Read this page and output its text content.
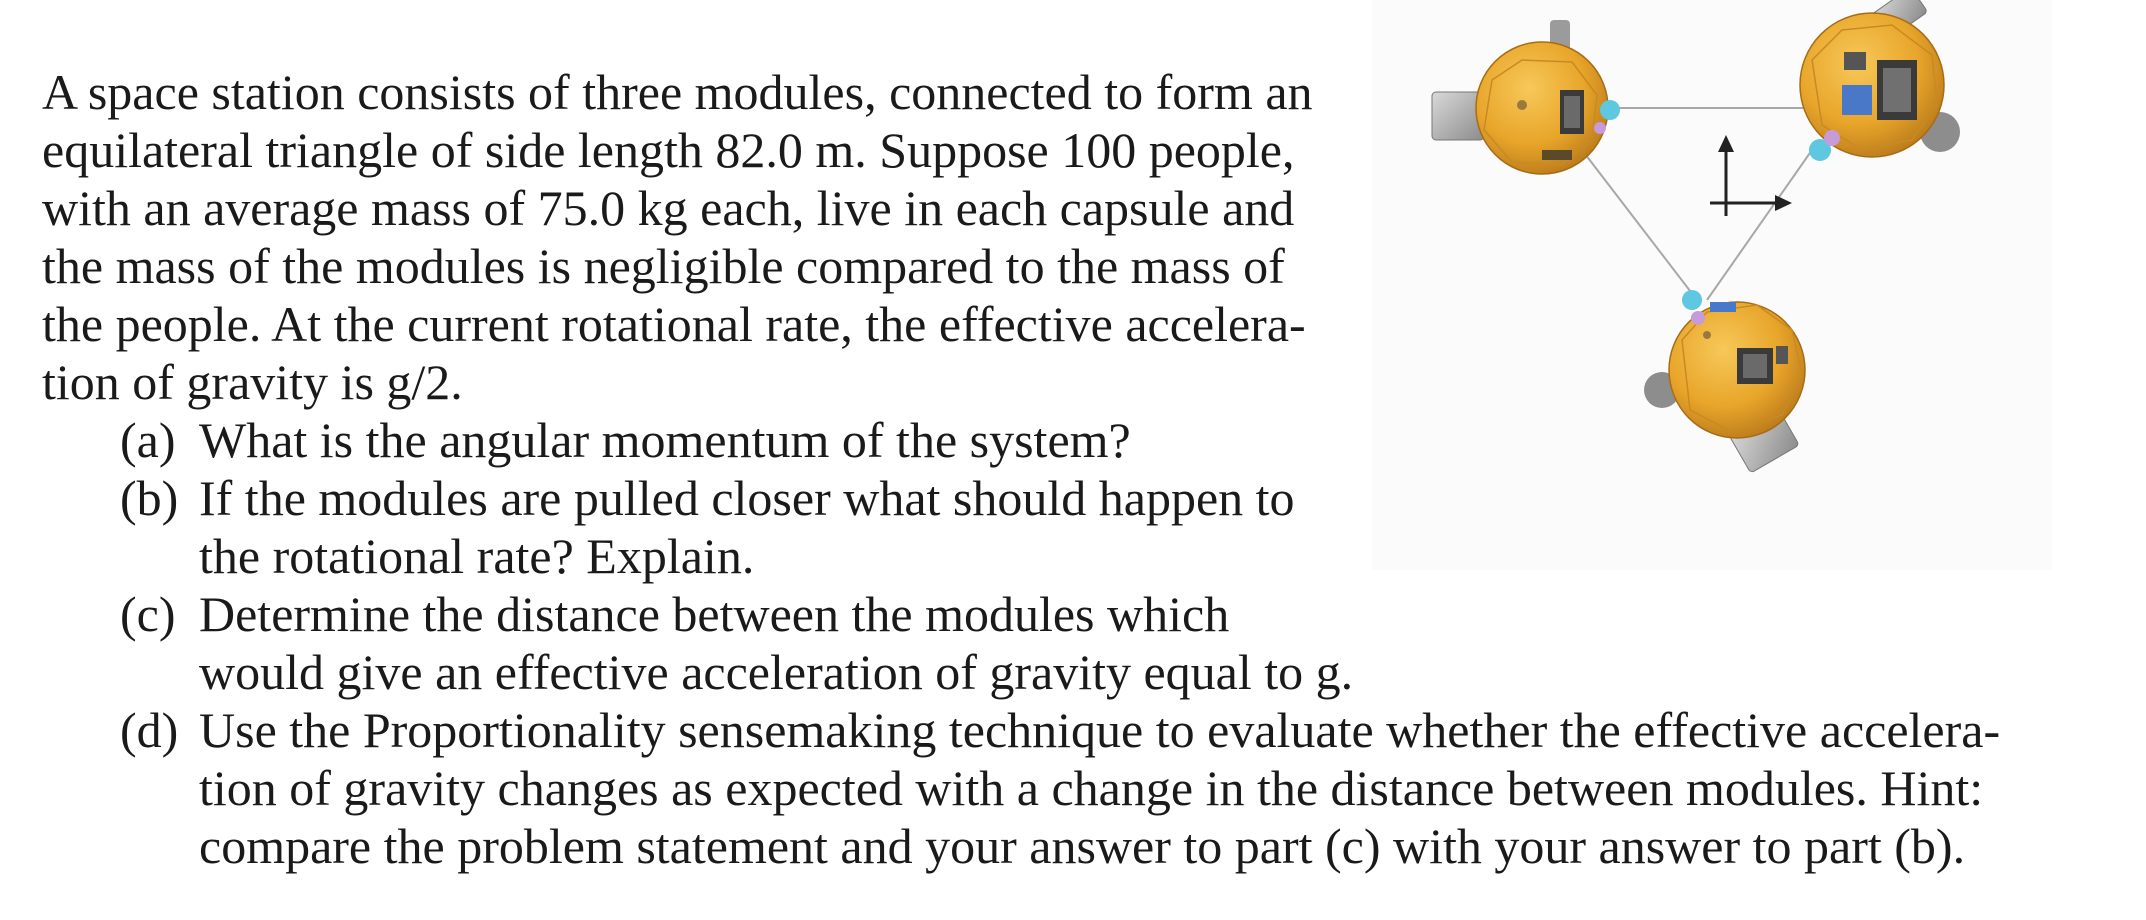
A space station consists of three modules, connected to form an
equilateral triangle of side length 82.0 m. Suppose 100 people,
with an average mass of 75.0 kg each, live in each capsule and
the mass of the modules is negligible compared to the mass of
the people. At the current rotational rate, the effective accelera-
tion of gravity is g/2.
(a) What is the angular momentum of the system?
(b) If the modules are pulled closer what should happen to
the rotational rate? Explain.
(c) Determine the distance between the modules which
would give an effective acceleration of gravity equal to g.
(d) Use the Proportionality sensemaking technique to evaluate whether the effective accelera-
tion of gravity changes as expected with a change in the distance between modules. Hint:
compare the problem statement and your answer to part (c) with your answer to part (b).
